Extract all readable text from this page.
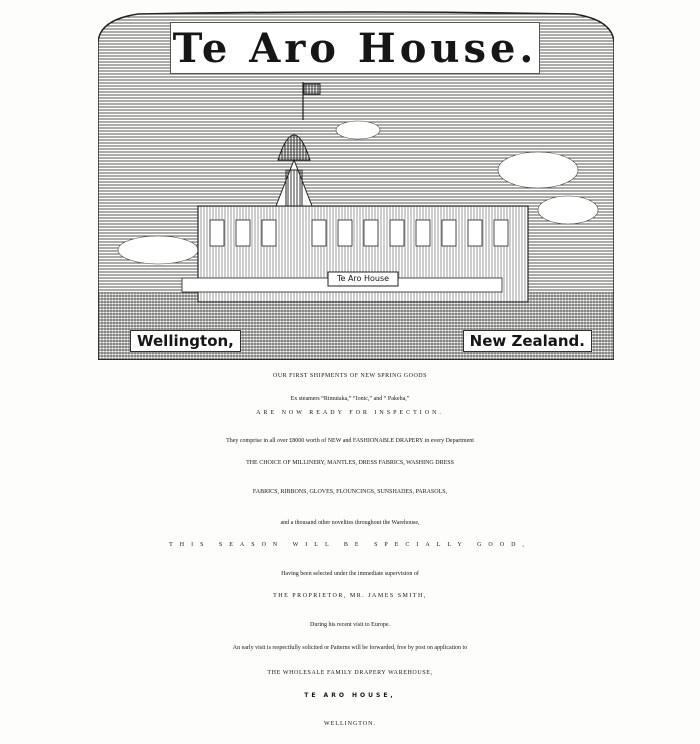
Te Aro House.
Wellington,	New Zealand.
Te Aro House
OUR FIRST SHIPMENTS OF NEW SPRING GOODS
Ex steamers “Rimutaka,” “Ionic,” and “ Pakeha,”
ARE NOW READY FOR INSPECTION.
They comprise in all over £8000 worth of NEW and FASHIONABLE DRAPERY in every Department
THE CHOICE OF MILLINERY, MANTLES, DRESS FABRICS, WASHING DRESS
FABRICS, RIBBONS, GLOVES, FLOUNCINGS, SUNSHADES, PARASOLS,
and a thousand other novelties throughout the Warehouse,
THIS SEASON WILL BE SPECIALLY GOOD,
Having been selected under the immediate supervision of
THE PROPRIETOR, MR. JAMES SMITH,
During his recent visit to Europe.
An early visit is respectfully solicited or Patterns will be forwarded, free by post on application to
THE WHOLESALE FAMILY DRAPERY WAREHOUSE,
TE ARO HOUSE,
WELLINGTON.
